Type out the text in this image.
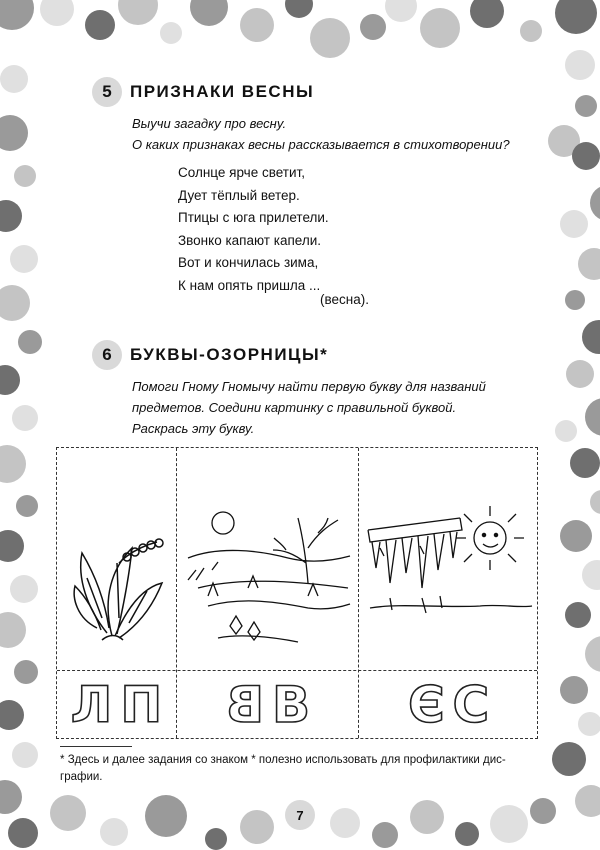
5	ПРИЗНАКИ ВЕСНЫ
Выучи загадку про весну.
О каких признаках весны рассказывается в стихотворении?
Солнце ярче светит,
Дует тёплый ветер.
Птицы с юга прилетели.
Звонко капают капели.
Вот и кончилась зима,
К нам опять пришла ...
(весна).
6	БУКВЫ-ОЗОРНИЦЫ*
Помоги Гному Гномычу найти первую букву для названий
предметов. Соедини картинку с правильной буквой.
Раскрась эту букву.
Л П В В Э С
* Здесь и далее задания со знаком * полезно использовать для профилактики дис-графии.
7
